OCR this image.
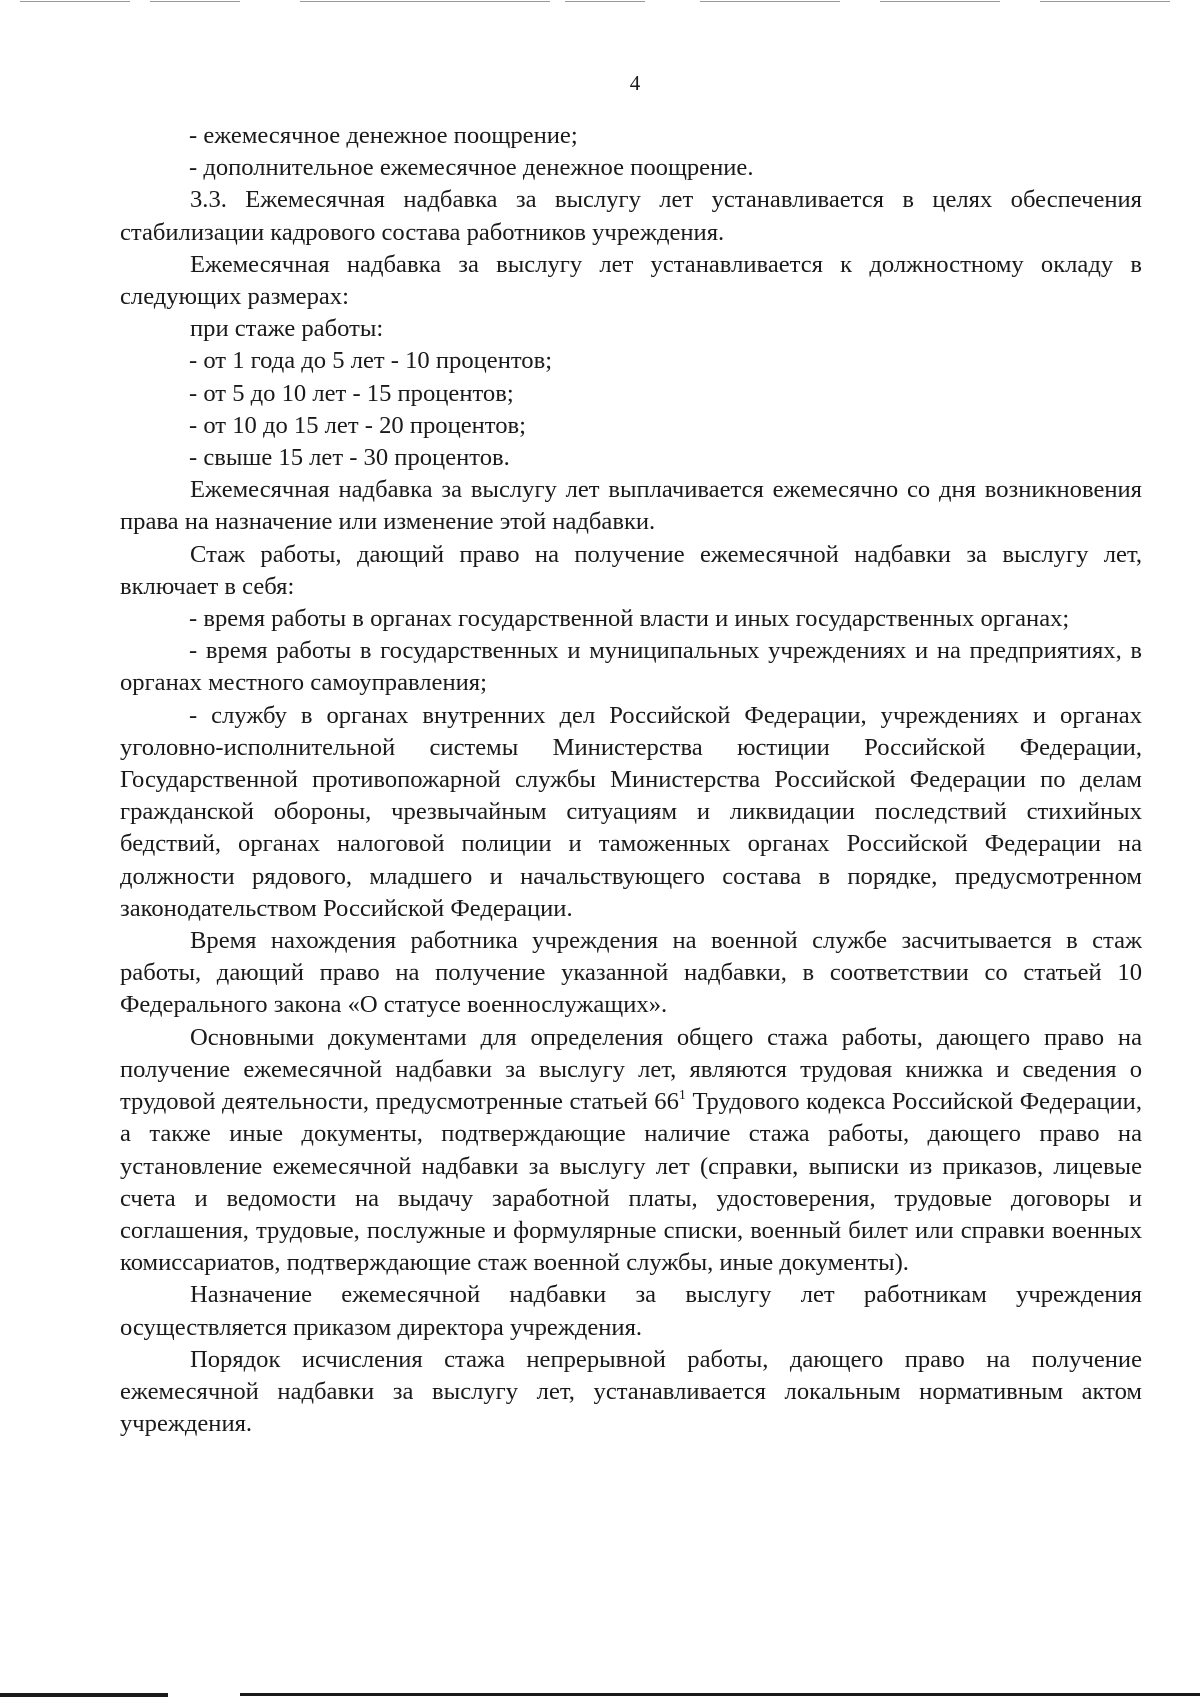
4

- ежемесячное денежное поощрение;

- дополнительное ежемесячное денежное поощрение.

3.3. Ежемесячная надбавка за выслугу лет устанавливается в целях обеспечения стабилизации кадрового состава работников учреждения.

Ежемесячная надбавка за выслугу лет устанавливается к должностному окладу в следующих размерах:

при стаже работы:

- от 1 года до 5 лет - 10 процентов;

- от 5 до 10 лет - 15 процентов;

- от 10 до 15 лет - 20 процентов;

- свыше 15 лет - 30 процентов.

Ежемесячная надбавка за выслугу лет выплачивается ежемесячно со дня возникновения права на назначение или изменение этой надбавки.

Стаж работы, дающий право на получение ежемесячной надбавки за выслугу лет, включает в себя:

- время работы в органах государственной власти и иных государственных органах;

- время работы в государственных и муниципальных учреждениях и на предприятиях, в органах местного самоуправления;

- службу в органах внутренних дел Российской Федерации, учреждениях и органах уголовно-исполнительной системы Министерства юстиции Российской Федерации, Государственной противопожарной службы Министерства Российской Федерации по делам гражданской обороны, чрезвычайным ситуациям и ликвидации последствий стихийных бедствий, органах налоговой полиции и таможенных органах Российской Федерации на должности рядового, младшего и начальствующего состава в порядке, предусмотренном законодательством Российской Федерации.

Время нахождения работника учреждения на военной службе засчитывается в стаж работы, дающий право на получение указанной надбавки, в соответствии со статьей 10 Федерального закона «О статусе военнослужащих».

Основными документами для определения общего стажа работы, дающего право на получение ежемесячной надбавки за выслугу лет, являются трудовая книжка и сведения о трудовой деятельности, предусмотренные статьей $66^1$ Трудового кодекса Российской Федерации, а также иные документы, подтверждающие наличие стажа работы, дающего право на установление ежемесячной надбавки за выслугу лет (справки, выписки из приказов, лицевые счета и ведомости на выдачу заработной платы, удостоверения, трудовые договоры и соглашения, трудовые, послужные и формулярные списки, военный билет или справки военных комиссариатов, подтверждающие стаж военной службы, иные документы).

Назначение ежемесячной надбавки за выслугу лет работникам учреждения осуществляется приказом директора учреждения.

Порядок исчисления стажа непрерывной работы, дающего право на получение ежемесячной надбавки за выслугу лет, устанавливается локальным нормативным актом учреждения.
